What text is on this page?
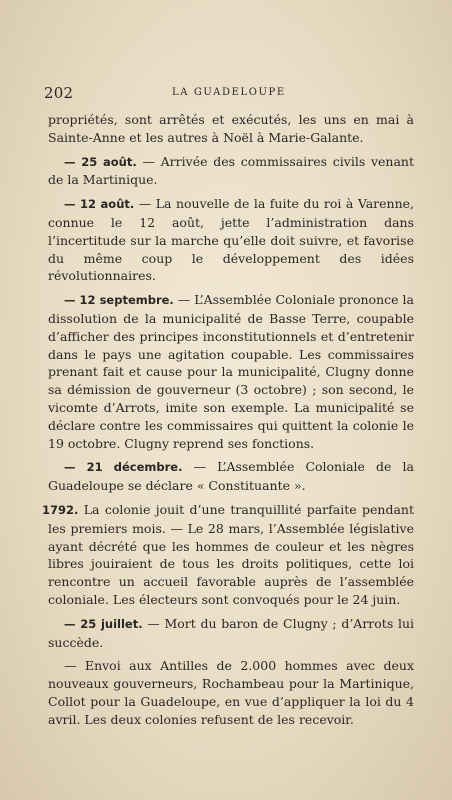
202	LA GUADELOUPE

propriétés, sont arrêtés et exécutés, les uns en mai à Sainte-Anne et les autres à Noël à Marie-Galante.

— 25 août. — Arrivée des commissaires civils venant de la Martinique.

— 12 août. — La nouvelle de la fuite du roi à Varenne, connue le 12 août, jette l’administration dans l’incertitude sur la marche qu’elle doit suivre, et favorise du même coup le développement des idées révolutionnaires.

— 12 septembre. — L’Assemblée Coloniale prononce la dissolution de la municipalité de Basse Terre, coupable d’afficher des principes inconstitutionnels et d’entretenir dans le pays une agitation coupable. Les commissaires prenant fait et cause pour la municipalité, Clugny donne sa démission de gouverneur (3 octobre) ; son second, le vicomte d’Arrots, imite son exemple. La municipalité se déclare contre les commissaires qui quittent la colonie le 19 octobre. Clugny reprend ses fonctions.

— 21 décembre. — L’Assemblée Coloniale de la Guadeloupe se déclare « Constituante ».

1792. La colonie jouit d’une tranquillité parfaite pendant les premiers mois. — Le 28 mars, l’Assemblée législative ayant décrété que les hommes de couleur et les nègres libres jouiraient de tous les droits politiques, cette loi rencontre un accueil favorable auprès de l’assemblée coloniale. Les électeurs sont convoqués pour le 24 juin.

— 25 juillet. — Mort du baron de Clugny ; d’Arrots lui succède.

— Envoi aux Antilles de 2.000 hommes avec deux nouveaux gouverneurs, Rochambeau pour la Martinique, Collot pour la Guadeloupe, en vue d’appliquer la loi du 4 avril. Les deux colonies refusent de les recevoir.
